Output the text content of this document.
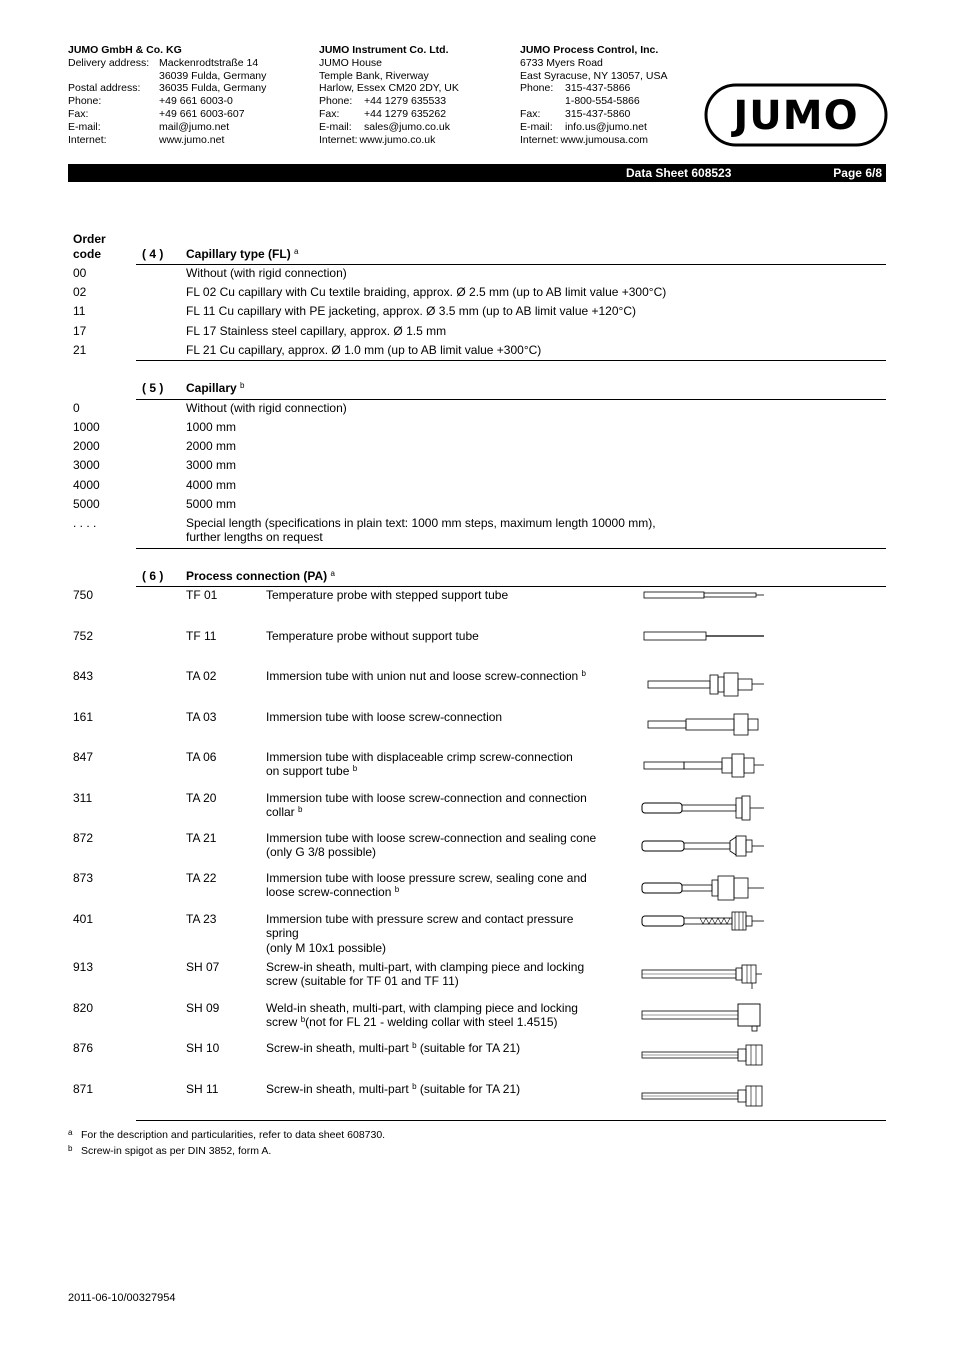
JUMO GmbH & Co. KG
Delivery address: Mackenrodtstraße 14
36039 Fulda, Germany
Postal address:	36035 Fulda, Germany
Phone:	+49 661 6003-0
Fax:	+49 661 6003-607
E-mail:	mail@jumo.net
Internet:	www.jumo.net
JUMO Instrument Co. Ltd.
JUMO House
Temple Bank, Riverway
Harlow, Essex CM20 2DY, UK
Phone:	+44 1279 635533
Fax:	+44 1279 635262
E-mail:	sales@jumo.co.uk
Internet: www.jumo.co.uk
JUMO Process Control, Inc.
6733 Myers Road
East Syracuse, NY 13057, USA
Phone:	315-437-5866
1-800-554-5866
Fax:	315-437-5860
E-mail:	info.us@jumo.net
Internet: www.jumousa.com
JUMO
Data Sheet 608523	Page 6/8
Order
code	( 4 ) Capillary type (FL) $^a$
00	Without (with rigid connection)
02	FL 02 Cu capillary with Cu textile braiding, approx. Ø 2.5 mm (up to AB limit value +300°C)
11	FL 11 Cu capillary with PE jacketing, approx. Ø 3.5 mm (up to AB limit value +120°C)
17	FL 17 Stainless steel capillary, approx. Ø 1.5 mm
21	FL 21 Cu capillary, approx. Ø 1.0 mm (up to AB limit value +300°C)
( 5 ) Capillary $^b$
0	Without (with rigid connection)
1000	1000 mm
2000	2000 mm
3000	3000 mm
4000	4000 mm
5000	5000 mm
. . . .	Special length (specifications in plain text: 1000 mm steps, maximum length 10000 mm),
further lengths on request
( 6 ) Process connection (PA) $^a$
750	TF 01	Temperature probe with stepped support tube
752	TF 11	Temperature probe without support tube
843	TA 02	Immersion tube with union nut and loose screw-connection $^b$
161	TA 03	Immersion tube with loose screw-connection
847	TA 06	Immersion tube with displaceable crimp screw-connection
on support tube $^b$
311	TA 20	Immersion tube with loose screw-connection and connection
collar $^b$
872	TA 21	Immersion tube with loose screw-connection and sealing cone
(only G 3/8 possible)
873	TA 22	Immersion tube with loose pressure screw, sealing cone and
loose screw-connection $^b$
401	TA 23	Immersion tube with pressure screw and contact pressure
spring
(only M 10x1 possible)
913	SH 07	Screw-in sheath, multi-part, with clamping piece and locking
screw (suitable for TF 01 and TF 11)
820	SH 09	Weld-in sheath, multi-part, with clamping piece and locking
screw $^b$(not for FL 21 - welding collar with steel 1.4515)
876	SH 10	Screw-in sheath, multi-part $^b$ (suitable for TA 21)
871	SH 11	Screw-in sheath, multi-part $^b$ (suitable for TA 21)
a For the description and particularities, refer to data sheet 608730.
b Screw-in spigot as per DIN 3852, form A.
2011-06-10/00327954
